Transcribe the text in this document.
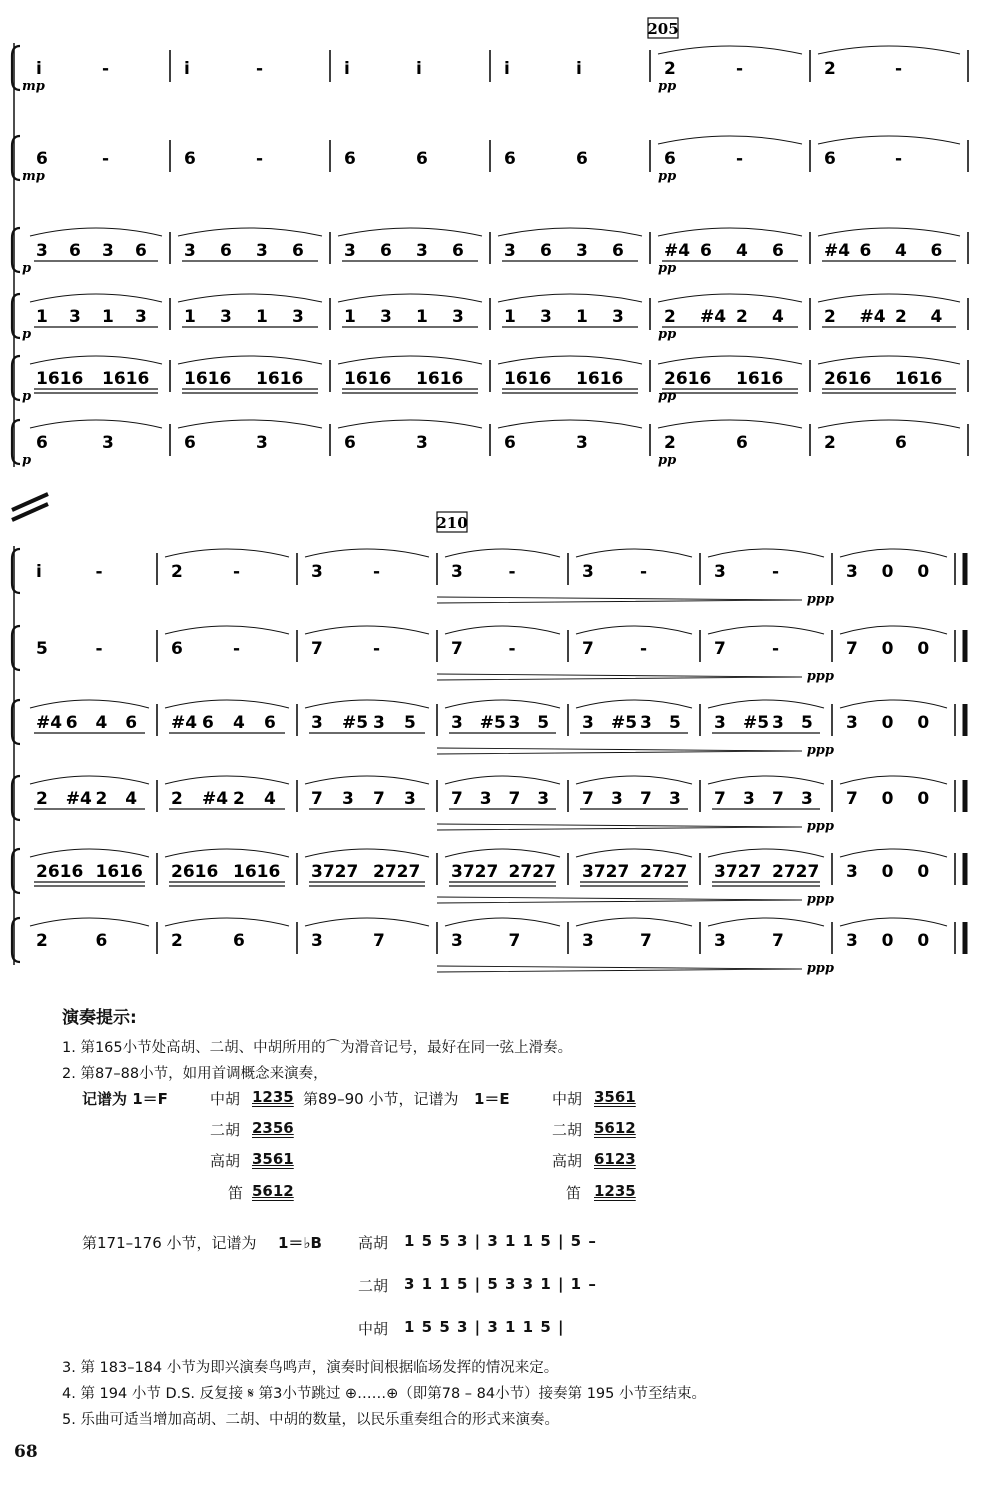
i	-	i	-	i	i	i	i	2	-	2	-
mp	pp
6	-	6	-	6	6	6	6	6	-	6	-
mp	pp
3 6 3 6 3 6 3 6 3 6 3 6 3 6 3 6 #4 6 4 6 #4 6 4 6
p	pp
1 3 1 3 1 3 1 3 1 3 1 3 1 3 1 3 2 #4 2 4 2 #4 2 4
p	pp
1616 1616 1616 1616 1616 1616 1616 1616 2616 1616 2616 1616
p	pp
6	3	6	3	6	3	6	3	2	6	2	6
p	pp
i	-	2	-	3	-	3	-	3	-	3	-	3 0 0
ppp
5	-	6	-	7	-	7	-	7	-	7	-	7 0 0
ppp
#4 6 4 6 #4 6 4 6 3 #5 3 5 3 #5 3 5 3 #5 3 5 3 #5 3 5 3 0 0
ppp
2 #4 2 4 2 #4 2 4 7 3 7 3 7 3 7 3 7 3 7 3 7 3 7 3 7 0 0
ppp
2616 1616 2616 1616 3727 2727 3727 2727 3727 2727 3727 2727 3 0 0
ppp
2	6	2	6	3	7	3	7	3	7	3	7	3 0 0
ppp
205
210
演奏提示:
1. 第165小节处高胡、二胡、中胡所用的⌒为滑音记号，最好在同一弦上滑奏。
2. 第87–88小节，如用首调概念来演奏，
记谱为 1＝F	中胡 1235 第89–90 小节，记谱为 1＝E	中胡 3561
二胡 2356	二胡 5612
高胡 3561	高胡 6123
笛 5612	笛 1235
第171–176 小节，记谱为 1＝♭B 高胡 1 5 5 3 | 3 1 1 5 | 5 –
二胡 3 1 1 5 | 5 3 3 1 | 1 –
中胡 1 5 5 3 | 3 1 1 5 |
3. 第 183–184 小节为即兴演奏鸟鸣声，演奏时间根据临场发挥的情况来定。
4. 第 194 小节 D.S. 反复接 𝄋 第3小节跳过 ⊕……⊕（即第78 – 84小节）接奏第 195 小节至结束。
5. 乐曲可适当增加高胡、二胡、中胡的数量，以民乐重奏组合的形式来演奏。
68
